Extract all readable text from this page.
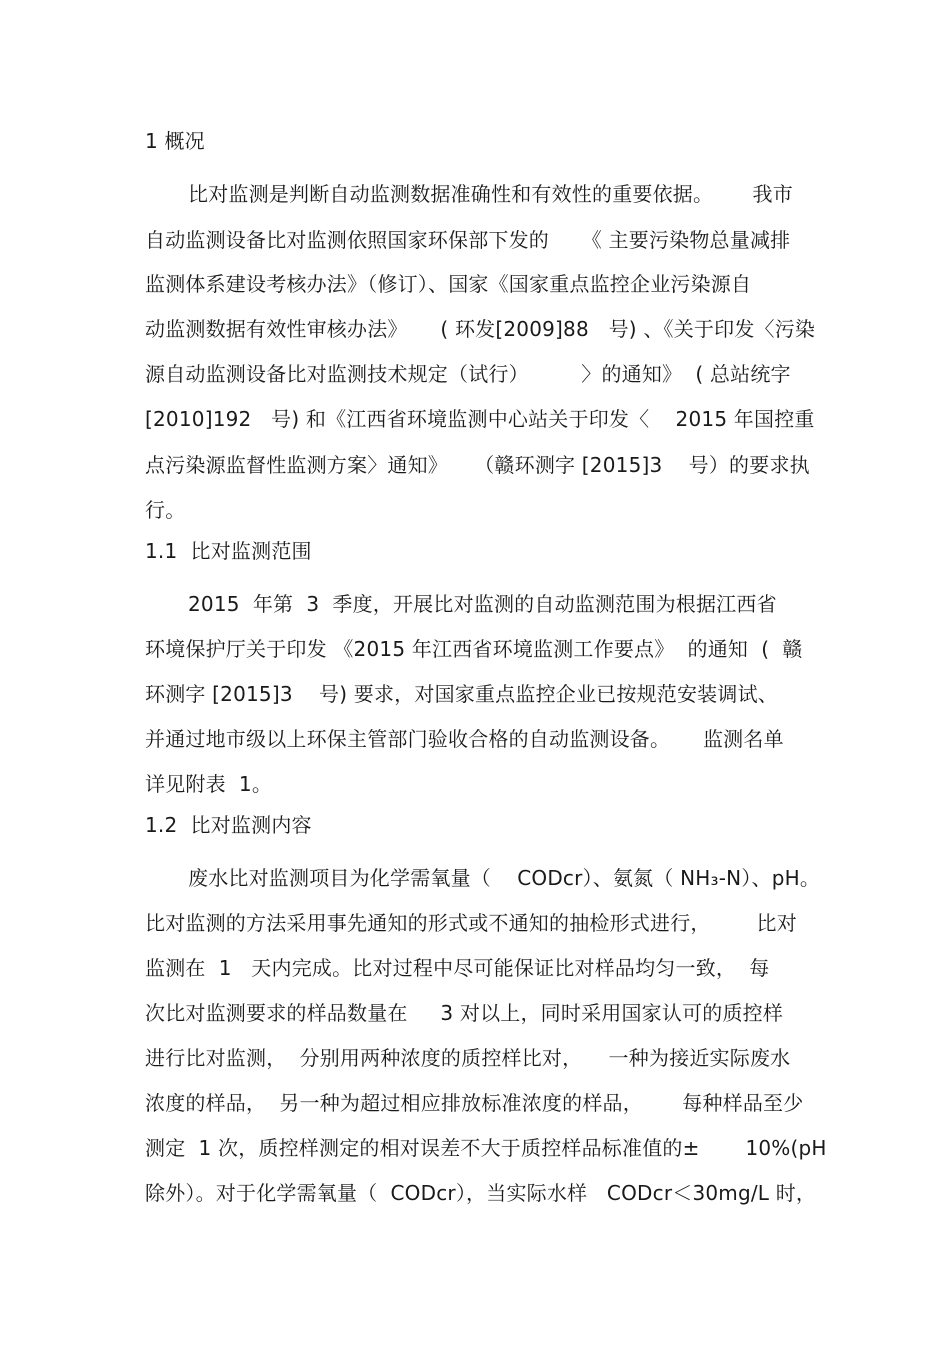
1 概况
比对监测是判断自动监测数据准确性和有效性的重要依据。      我市
自动监测设备比对监测依照国家环保部下发的     《 主要污染物总量减排
监测体系建设考核办法》（修订）、国家《国家重点监控企业污染源自
动监测数据有效性审核办法》     ( 环发[2009]88   号) 、《关于印发〈污染
源自动监测设备比对监测技术规定（试行）        〉的通知》  ( 总站统字
[2010]192   号) 和《江西省环境监测中心站关于印发〈    2015 年国控重
点污染源监督性监测方案〉通知》    （赣环测字 [2015]3    号）的要求执
行。
1.1  比对监测范围
2015  年第  3  季度，开展比对监测的自动监测范围为根据江西省
环境保护厅关于印发 《2015 年江西省环境监测工作要点》  的通知  (  赣
环测字 [2015]3    号) 要求，对国家重点监控企业已按规范安装调试、
并通过地市级以上环保主管部门验收合格的自动监测设备。     监测名单
详见附表  1。
1.2  比对监测内容
废水比对监测项目为化学需氧量（    CODcr）、氨氮（ NH₃-N）、pH。
比对监测的方法采用事先通知的形式或不通知的抽检形式进行，       比对
监测在  1   天内完成。比对过程中尽可能保证比对样品均匀一致，  每
次比对监测要求的样品数量在     3 对以上，同时采用国家认可的质控样
进行比对监测，  分别用两种浓度的质控样比对，    一种为接近实际废水
浓度的样品，  另一种为超过相应排放标准浓度的样品，      每种样品至少
测定  1 次，质控样测定的相对误差不大于质控样品标准值的±       10%(pH
除外）。对于化学需氧量（  CODcr），当实际水样   CODcr＜30mg/L 时，
